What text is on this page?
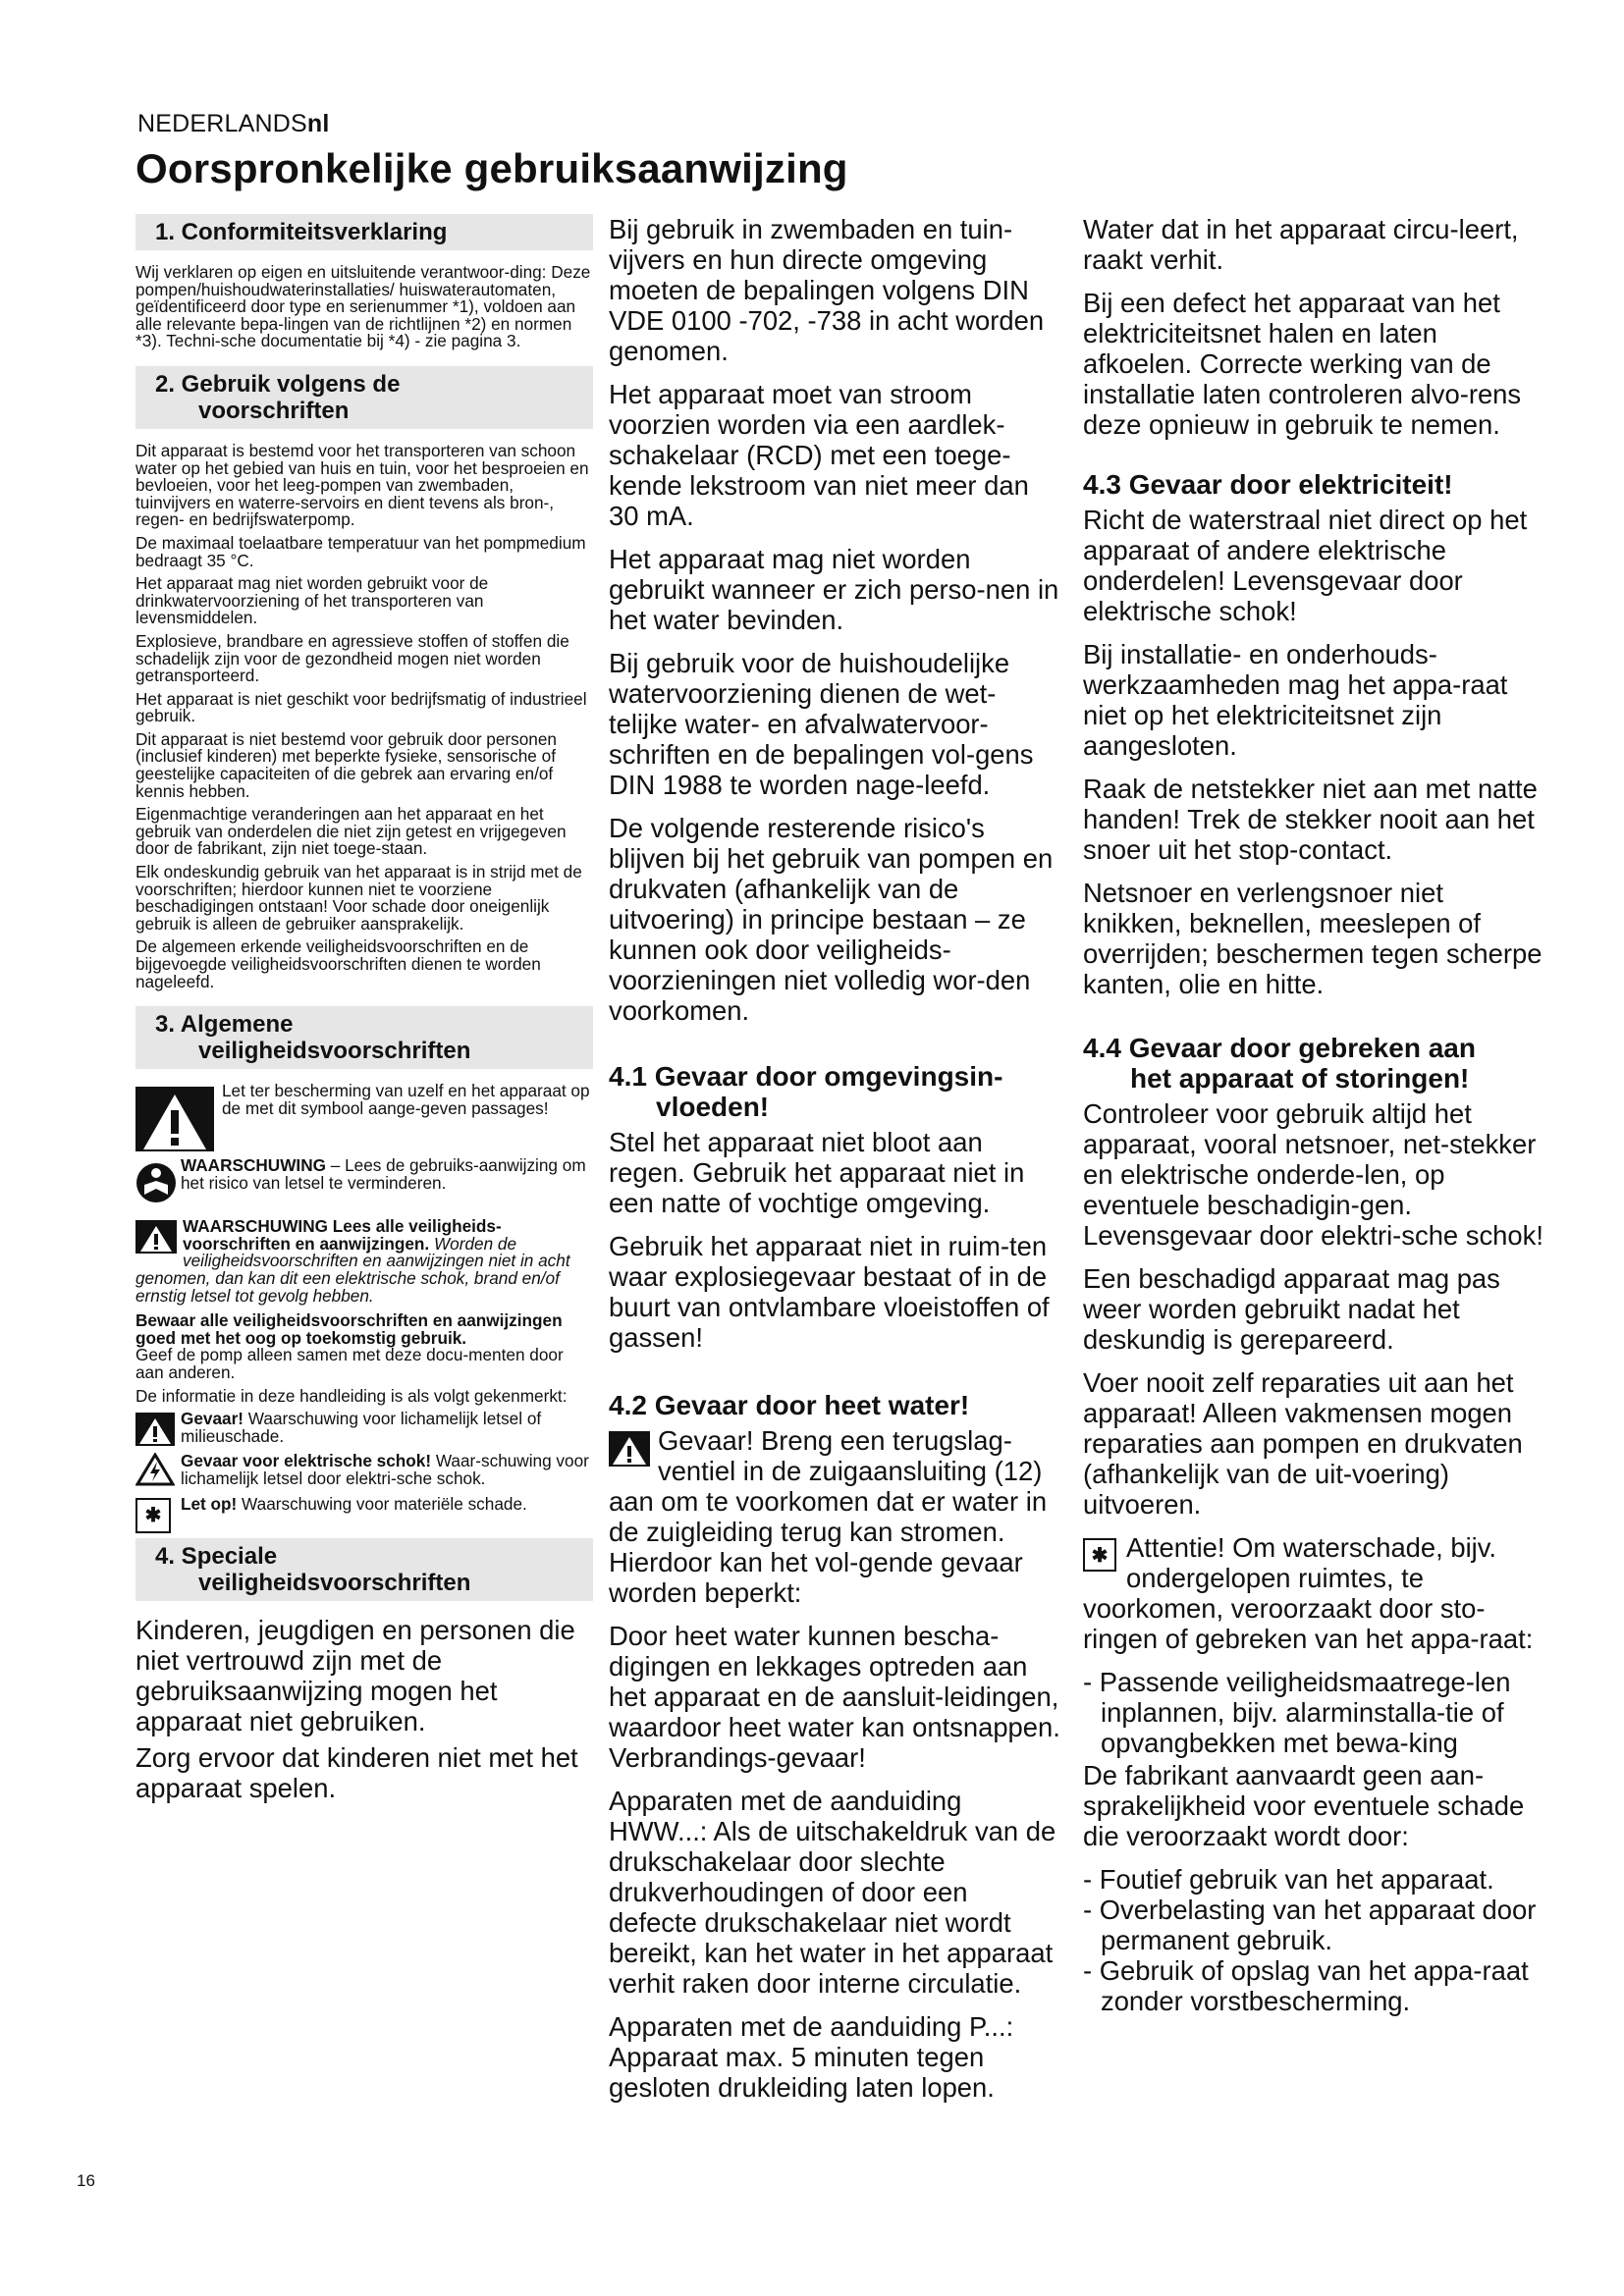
NEDERLANDSnl
Oorspronkelijke gebruiksaanwijzing
1. Conformiteitsverklaring

Wij verklaren op eigen en uitsluitende verantwoor-ding: Deze pompen/huishoudwaterinstallaties/ huiswaterautomaten, geïdentificeerd door type en serienummer *1), voldoen aan alle relevante bepa-lingen van de richtlijnen *2) en normen *3). Techni-sche documentatie bij *4) - zie pagina 3.

2. Gebruik volgens de
voorschriften

Dit apparaat is bestemd voor het transporteren van schoon water op het gebied van huis en tuin, voor het besproeien en bevloeien, voor het leeg-pompen van zwembaden, tuinvijvers en waterre-servoirs en dient tevens als bron-, regen- en bedrijfswaterpomp.

De maximaal toelaatbare temperatuur van het pompmedium bedraagt 35 °C.

Het apparaat mag niet worden gebruikt voor de drinkwatervoorziening of het transporteren van levensmiddelen.

Explosieve, brandbare en agressieve stoffen of stoffen die schadelijk zijn voor de gezondheid mogen niet worden getransporteerd.

Het apparaat is niet geschikt voor bedrijfsmatig of industrieel gebruik.

Dit apparaat is niet bestemd voor gebruik door personen (inclusief kinderen) met beperkte fysieke, sensorische of geestelijke capaciteiten of die gebrek aan ervaring en/of kennis hebben.

Eigenmachtige veranderingen aan het apparaat en het gebruik van onderdelen die niet zijn getest en vrijgegeven door de fabrikant, zijn niet toege-staan.

Elk ondeskundig gebruik van het apparaat is in strijd met de voorschriften; hierdoor kunnen niet te voorziene beschadigingen ontstaan! Voor schade door oneigenlijk gebruik is alleen de gebruiker aansprakelijk.

De algemeen erkende veiligheidsvoorschriften en de bijgevoegde veiligheidsvoorschriften dienen te worden nageleefd.

3. Algemene
veiligheidsvoorschriften

Let ter bescherming van uzelf en het apparaat op de met dit symbool aange-geven passages!

WAARSCHUWING – Lees de gebruiks-aanwijzing om het risico van letsel te verminderen.

WAARSCHUWING Lees alle veiligheids-voorschriften en aanwijzingen. Worden de veiligheidsvoorschriften en aanwijzingen niet in acht genomen, dan kan dit een elektrische schok, brand en/of ernstig letsel tot gevolg hebben.

Bewaar alle veiligheidsvoorschriften en aanwijzingen goed met het oog op toekomstig gebruik.

Geef de pomp alleen samen met deze docu-menten door aan anderen.

De informatie in deze handleiding is als volgt gekenmerkt:

Gevaar! Waarschuwing voor lichamelijk letsel of milieuschade.

Gevaar voor elektrische schok! Waar-schuwing voor lichamelijk letsel door elektri-sche schok.

✱

Let op! Waarschuwing voor materiële schade.

4. Speciale
veiligheidsvoorschriften

Kinderen, jeugdigen en personen die niet vertrouwd zijn met de gebruiksaanwijzing mogen het apparaat niet gebruiken.

Zorg ervoor dat kinderen niet met het apparaat spelen.

Bij gebruik in zwembaden en tuin-vijvers en hun directe omgeving moeten de bepalingen volgens DIN VDE 0100 -702, -738 in acht worden genomen.

Het apparaat moet van stroom voorzien worden via een aardlek-schakelaar (RCD) met een toege-kende lekstroom van niet meer dan 30 mA.

Het apparaat mag niet worden gebruikt wanneer er zich perso-nen in het water bevinden.

Bij gebruik voor de huishoudelijke watervoorziening dienen de wet-telijke water- en afvalwatervoor-schriften en de bepalingen vol-gens DIN 1988 te worden nage-leefd.

De volgende resterende risico's blijven bij het gebruik van pompen en drukvaten (afhankelijk van de uitvoering) in principe bestaan – ze kunnen ook door veiligheids-voorzieningen niet volledig wor-den voorkomen.

4.1 Gevaar door omgevingsin-
vloeden!

Stel het apparaat niet bloot aan regen. Gebruik het apparaat niet in een natte of vochtige omgeving.

Gebruik het apparaat niet in ruim-ten waar explosiegevaar bestaat of in de buurt van ontvlambare vloeistoffen of gassen!

4.2 Gevaar door heet water!

Gevaar! Breng een terugslag-ventiel in de zuigaansluiting (12) aan om te voorkomen dat er water in de zuigleiding terug kan stromen. Hierdoor kan het vol-gende gevaar worden beperkt:

Door heet water kunnen bescha-digingen en lekkages optreden aan het apparaat en de aansluit-leidingen, waardoor heet water kan ontsnappen. Verbrandings-gevaar!

Apparaten met de aanduiding HWW...: Als de uitschakeldruk van de drukschakelaar door slechte drukverhoudingen of door een defecte drukschakelaar niet wordt bereikt, kan het water in het apparaat verhit raken door interne circulatie.

Apparaten met de aanduiding P...: Apparaat max. 5 minuten tegen gesloten drukleiding laten lopen.

Water dat in het apparaat circu-leert, raakt verhit.

Bij een defect het apparaat van het elektriciteitsnet halen en laten afkoelen. Correcte werking van de installatie laten controleren alvo-rens deze opnieuw in gebruik te nemen.

4.3 Gevaar door elektriciteit!

Richt de waterstraal niet direct op het apparaat of andere elektrische onderdelen! Levensgevaar door elektrische schok!

Bij installatie- en onderhouds-werkzaamheden mag het appa-raat niet op het elektriciteitsnet zijn aangesloten.

Raak de netstekker niet aan met natte handen! Trek de stekker nooit aan het snoer uit het stop-contact.

Netsnoer en verlengsnoer niet knikken, beknellen, meeslepen of overrijden; beschermen tegen scherpe kanten, olie en hitte.

4.4 Gevaar door gebreken aan
het apparaat of storingen!

Controleer voor gebruik altijd het apparaat, vooral netsnoer, net-stekker en elektrische onderde-len, op eventuele beschadigin-gen. Levensgevaar door elektri-sche schok!

Een beschadigd apparaat mag pas weer worden gebruikt nadat het deskundig is gerepareerd.

Voer nooit zelf reparaties uit aan het apparaat! Alleen vakmensen mogen reparaties aan pompen en drukvaten (afhankelijk van de uit-voering) uitvoeren.

✱ Attentie! Om waterschade, bijv. ondergelopen ruimtes, te voorkomen, veroorzaakt door sto-ringen of gebreken van het appa-raat:

- Passende veiligheidsmaatrege-len inplannen, bijv. alarminstalla-tie of opvangbekken met bewa-king

De fabrikant aanvaardt geen aan-sprakelijkheid voor eventuele schade die veroorzaakt wordt door:

- Foutief gebruik van het apparaat.

- Overbelasting van het apparaat door permanent gebruik.

- Gebruik of opslag van het appa-raat zonder vorstbescherming.

16
